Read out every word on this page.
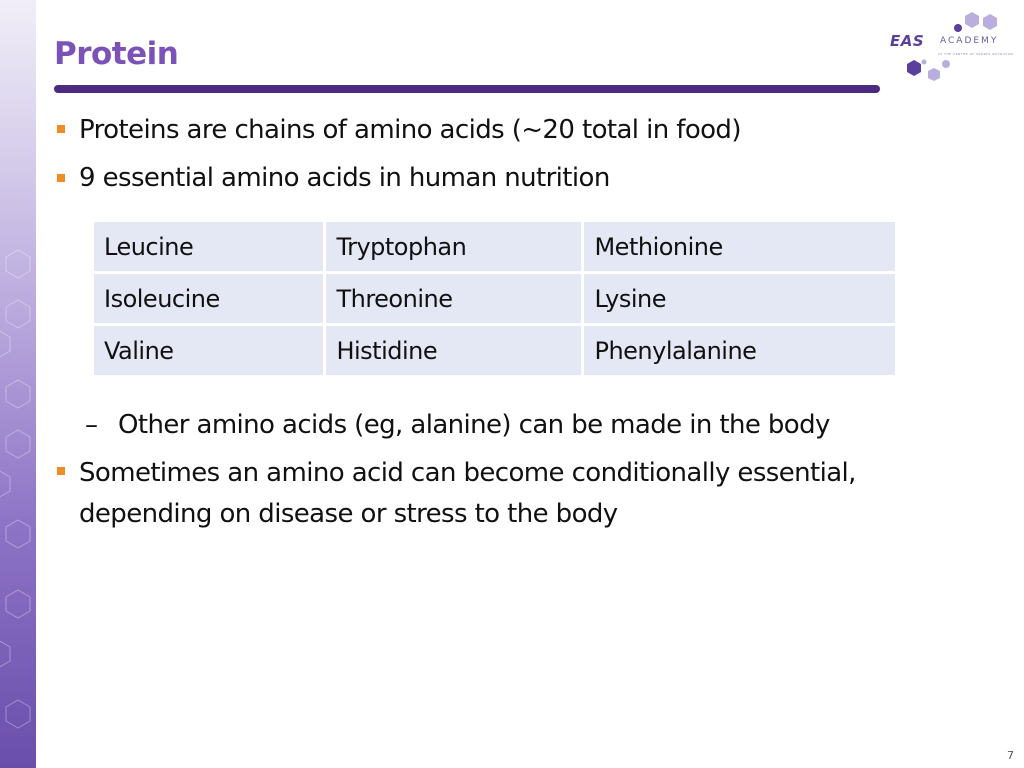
Protein	EAS ACADEMY
AT THE CENTER OF SPORTS NUTRITION
Proteins are chains of amino acids (~20 total in food)
9 essential amino acids in human nutrition
Leucine	Tryptophan	Methionine
Isoleucine	Threonine	Lysine
Valine	Histidine	Phenylalanine
– Other amino acids (eg, alanine) can be made in the body
Sometimes an amino acid can become conditionally essential,
depending on disease or stress to the body
7
